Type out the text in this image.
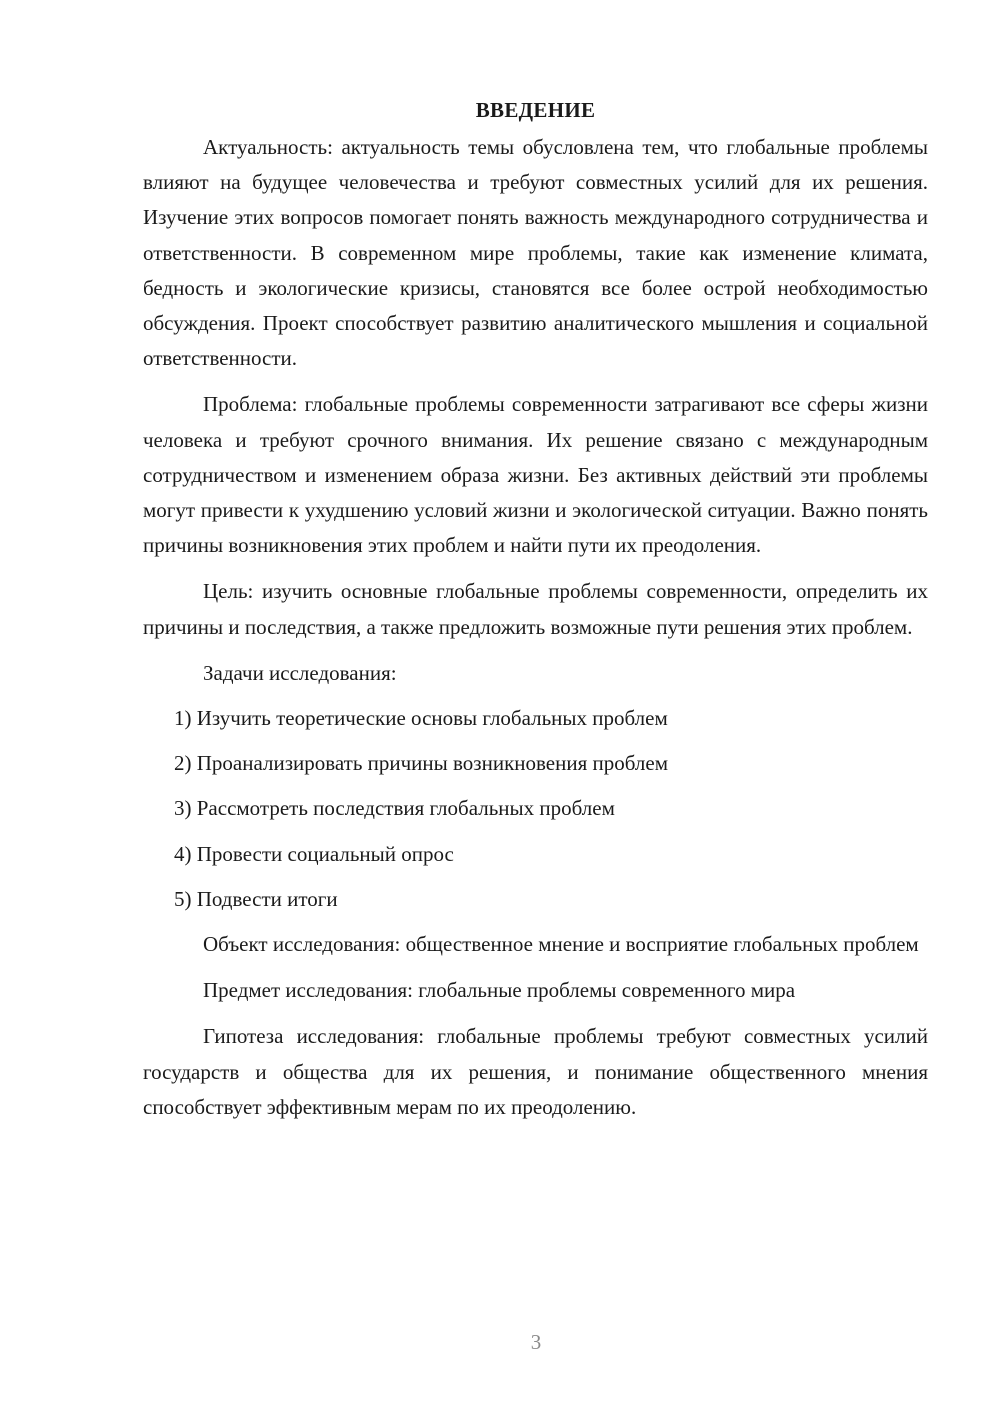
ВВЕДЕНИЕ

Актуальность: актуальность темы обусловлена тем, что глобальные проблемы влияют на будущее человечества и требуют совместных усилий для их решения. Изучение этих вопросов помогает понять важность международного сотрудничества и ответственности. В современном мире проблемы, такие как изменение климата, бедность и экологические кризисы, становятся все более острой необходимостью обсуждения. Проект способствует развитию аналитического мышления и социальной ответственности.

Проблема: глобальные проблемы современности затрагивают все сферы жизни человека и требуют срочного внимания. Их решение связано с международным сотрудничеством и изменением образа жизни. Без активных действий эти проблемы могут привести к ухудшению условий жизни и экологической ситуации. Важно понять причины возникновения этих проблем и найти пути их преодоления.

Цель: изучить основные глобальные проблемы современности, определить их причины и последствия, а также предложить возможные пути решения этих проблем.

Задачи исследования:

1) Изучить теоретические основы глобальных проблем
2) Проанализировать причины возникновения проблем
3) Рассмотреть последствия глобальных проблем
4) Провести социальный опрос
5) Подвести итоги

Объект исследования: общественное мнение и восприятие глобальных проблем

Предмет исследования: глобальные проблемы современного мира

Гипотеза исследования: глобальные проблемы требуют совместных усилий государств и общества для их решения, и понимание общественного мнения способствует эффективным мерам по их преодолению.

3
